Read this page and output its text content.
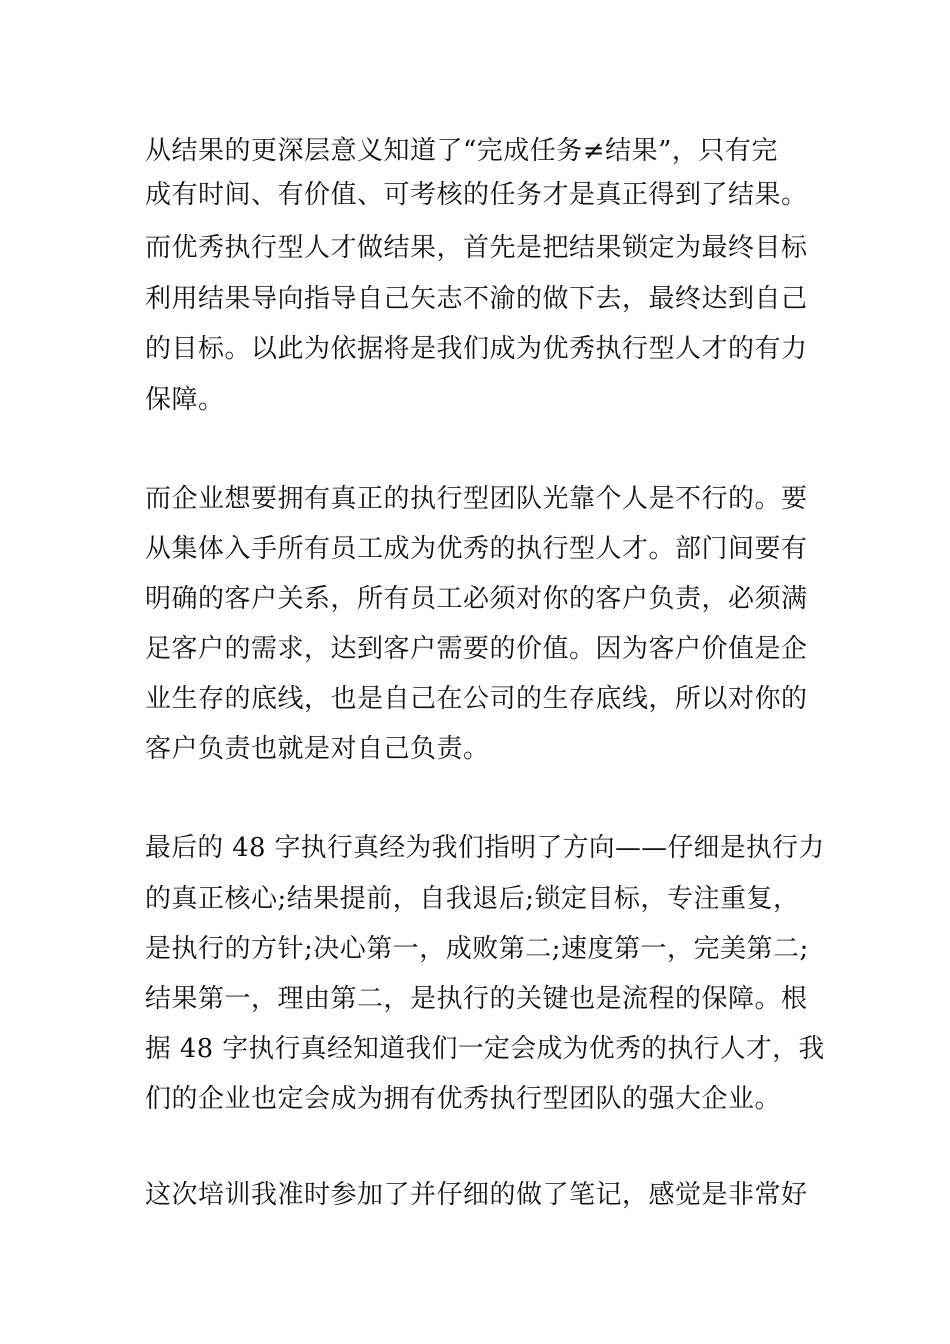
从结果的更深层意义知道了“完成任务≠结果”，只有完

成有时间、有价值、可考核的任务才是真正得到了结果。

而优秀执行型人才做结果，首先是把结果锁定为最终目标

利用结果导向指导自己矢志不渝的做下去，最终达到自己

的目标。以此为依据将是我们成为优秀执行型人才的有力

保障。

而企业想要拥有真正的执行型团队光靠个人是不行的。要

从集体入手所有员工成为优秀的执行型人才。部门间要有

明确的客户关系，所有员工必须对你的客户负责，必须满

足客户的需求，达到客户需要的价值。因为客户价值是企

业生存的底线，也是自己在公司的生存底线，所以对你的

客户负责也就是对自己负责。

最后的 48 字执行真经为我们指明了方向——仔细是执行力

的真正核心;结果提前，自我退后;锁定目标，专注重复，

是执行的方针;决心第一，成败第二;速度第一，完美第二;

结果第一，理由第二，是执行的关键也是流程的保障。根

据 48 字执行真经知道我们一定会成为优秀的执行人才，我

们的企业也定会成为拥有优秀执行型团队的强大企业。

这次培训我准时参加了并仔细的做了笔记，感觉是非常好
